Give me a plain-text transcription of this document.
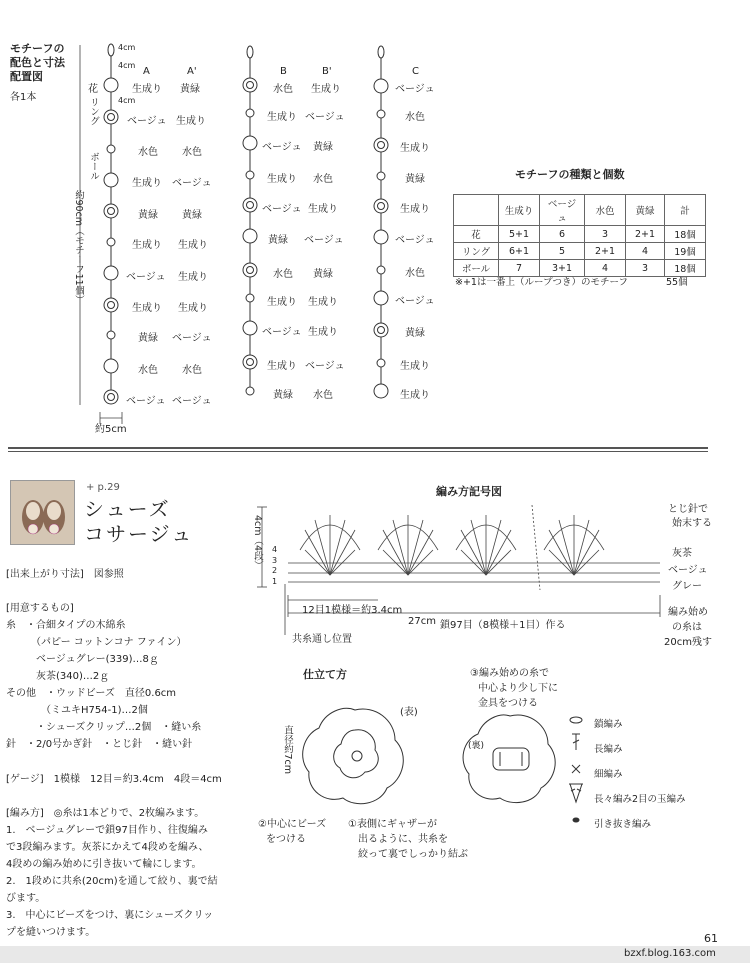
モチーフの
配色と寸法
配置図
各1本
花
リング
ボール
約90cm（モチーフ11個）
4cm
4cm
4cm
約5cm
A	A'
生成り 黄緑
ベージュ 生成り
水色 水色
生成り ベージュ
黄緑 黄緑
生成り 生成り
ベージュ 生成り
生成り 生成り
黄緑 ベージュ
水色 水色
ベージュ ベージュ
B	B'
水色 生成り
生成り ベージュ
ベージュ 黄緑
生成り 水色
ベージュ 生成り
黄緑 ベージュ
水色 黄緑
生成り 生成り
ベージュ 生成り
生成り ベージュ
黄緑 水色
C
ベージュ
水色
生成り
黄緑
生成り
ベージュ
水色
ベージュ
黄緑
生成り
生成り
モチーフの種類と個数
	生成り	ベージュ	水色	黄緑	計
花	5+1	6	3	2+1	18個
リング	6+1	5	2+1	4	19個
ボール	7	3+1	4	3	18個
※+1は一番上（ループつき）のモチーフ	55個
+ p.29
シューズ
コサージュ
[出来上がり寸法]　図参照
[用意するもの]
糸　・合細タイプの木綿糸
　　　（パピー コットンコナ ファイン）
　　　ベージュグレー(339)…8ｇ
　　　灰茶(340)…2ｇ
その他　・ウッドビーズ　直径0.6cm
　　　　（ミユキH754-1)…2個
　　　・シューズクリップ…2個　・縫い糸
針　・2/0号かぎ針　・とじ針　・縫い針
[ゲージ]　1模様　12目＝約3.4cm　4段＝4cm
[編み方]　◎糸は1本どりで、2枚編みます。
1.　ベージュグレーで鎖97目作り、往復編み
で3段編みます。灰茶にかえて4段めを編み、
4段めの編み始めに引き抜いて輪にします。
2.　1段めに共糸(20cm)を通して絞り、裏で結
びます。
3.　中心にビーズをつけ、裏にシューズクリッ
プを縫いつけます。
編み方記号図
4cm（4段） 4
3
2
1
とじ針で
始末する
灰茶
ベージュ
グレー
12目1模様＝約3.4cm
27cm 鎖97目（8模様＋1目）作る
編み始め
の糸は
20cm残す
共糸通し位置
仕立て方
(表)
直径約7cm
②中心にビーズ
をつける
①表側にギャザーが
出るように、共糸を
絞って裏でしっかり結ぶ
③編み始めの糸で
中心より少し下に
金具をつける
(裏)
鎖編み
長編み
細編み
長々編み2目の玉編み
引き抜き編み
61
bzxf.blog.163.com
